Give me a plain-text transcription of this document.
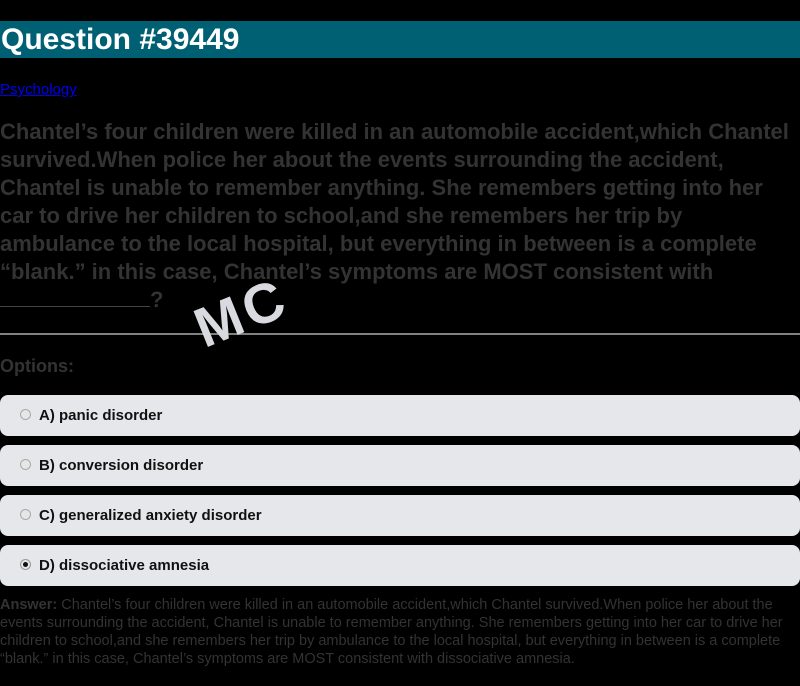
Question #39449
Psychology

Chantel’s four children were killed in an automobile accident,which Chantel survived.When police her about the events surrounding the accident, Chantel is unable to remember anything. She remembers getting into her car to drive her children to school,and she remembers her trip by ambulance to the local hospital, but everything in between is a complete “blank.” in this case, Chantel’s symptoms are MOST consistent with ? MC
Options:
A) panic disorder
B) conversion disorder
C) generalized anxiety disorder
D) dissociative amnesia

Answer: Chantel’s four children were killed in an automobile accident,which Chantel survived.When police her about the events surrounding the accident, Chantel is unable to remember anything. She remembers getting into her car to drive her children to school,and she remembers her trip by ambulance to the local hospital, but everything in between is a complete “blank.” in this case, Chantel’s symptoms are MOST consistent with dissociative amnesia.
